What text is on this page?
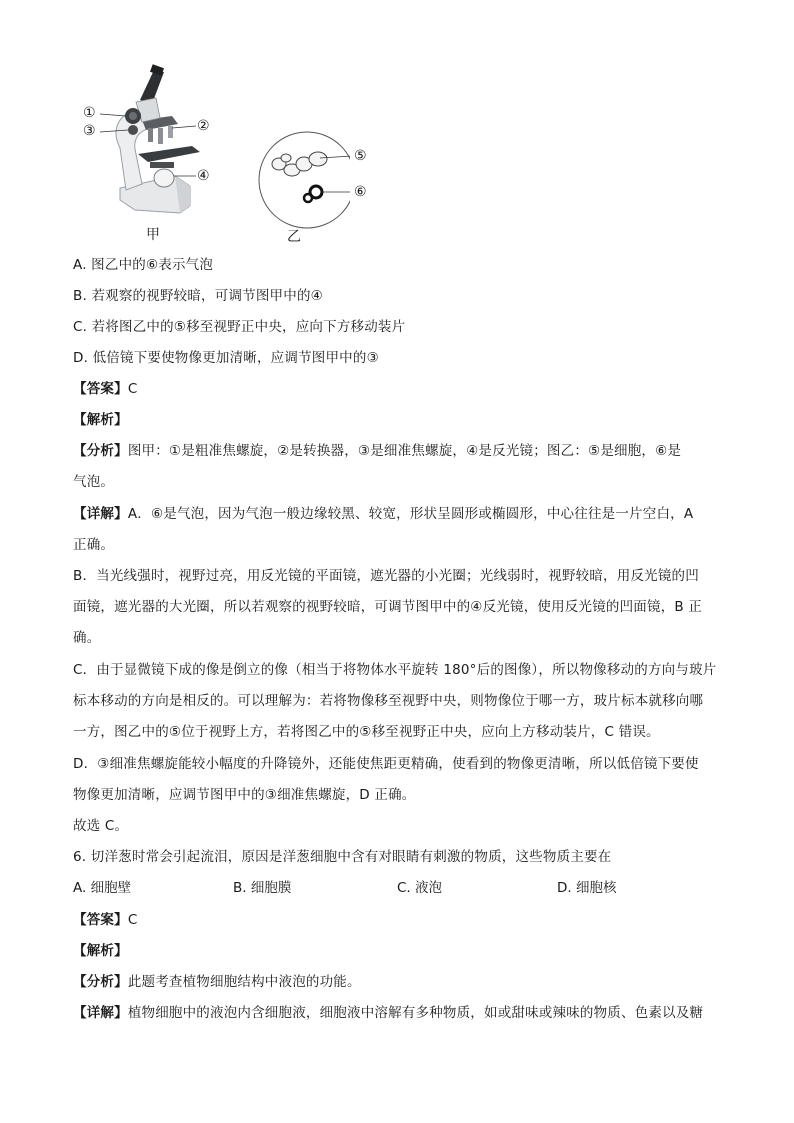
①
③	②
④
⑤
⑥
甲	乙
A. 图乙中的⑥表示气泡
B. 若观察的视野较暗，可调节图甲中的④
C. 若将图乙中的⑤移至视野正中央，应向下方移动装片
D. 低倍镜下要使物像更加清晰，应调节图甲中的③
【答案】C
【解析】
【分析】图甲：①是粗准焦螺旋，②是转换器，③是细准焦螺旋，④是反光镜；图乙：⑤是细胞，⑥是
气泡。
【详解】A．⑥是气泡，因为气泡一般边缘较黑、较宽，形状呈圆形或椭圆形，中心往往是一片空白，A
正确。
B．当光线强时，视野过亮，用反光镜的平面镜，遮光器的小光圈；光线弱时，视野较暗，用反光镜的凹
面镜，遮光器的大光圈，所以若观察的视野较暗，可调节图甲中的④反光镜，使用反光镜的凹面镜，B 正
确。
C．由于显微镜下成的像是倒立的像（相当于将物体水平旋转 180°后的图像），所以物像移动的方向与玻片
标本移动的方向是相反的。可以理解为：若将物像移至视野中央，则物像位于哪一方，玻片标本就移向哪
一方，图乙中的⑤位于视野上方，若将图乙中的⑤移至视野正中央，应向上方移动装片，C 错误。
D．③细准焦螺旋能较小幅度的升降镜外，还能使焦距更精确，使看到的物像更清晰，所以低倍镜下要使
物像更加清晰，应调节图甲中的③细准焦螺旋，D 正确。
故选 C。
6. 切洋葱时常会引起流泪，原因是洋葱细胞中含有对眼睛有刺激的物质，这些物质主要在
A. 细胞壁	B. 细胞膜	C. 液泡	D. 细胞核
【答案】C
【解析】
【分析】此题考查植物细胞结构中液泡的功能。
【详解】植物细胞中的液泡内含细胞液，细胞液中溶解有多种物质，如或甜味或辣味的物质、色素以及糖
